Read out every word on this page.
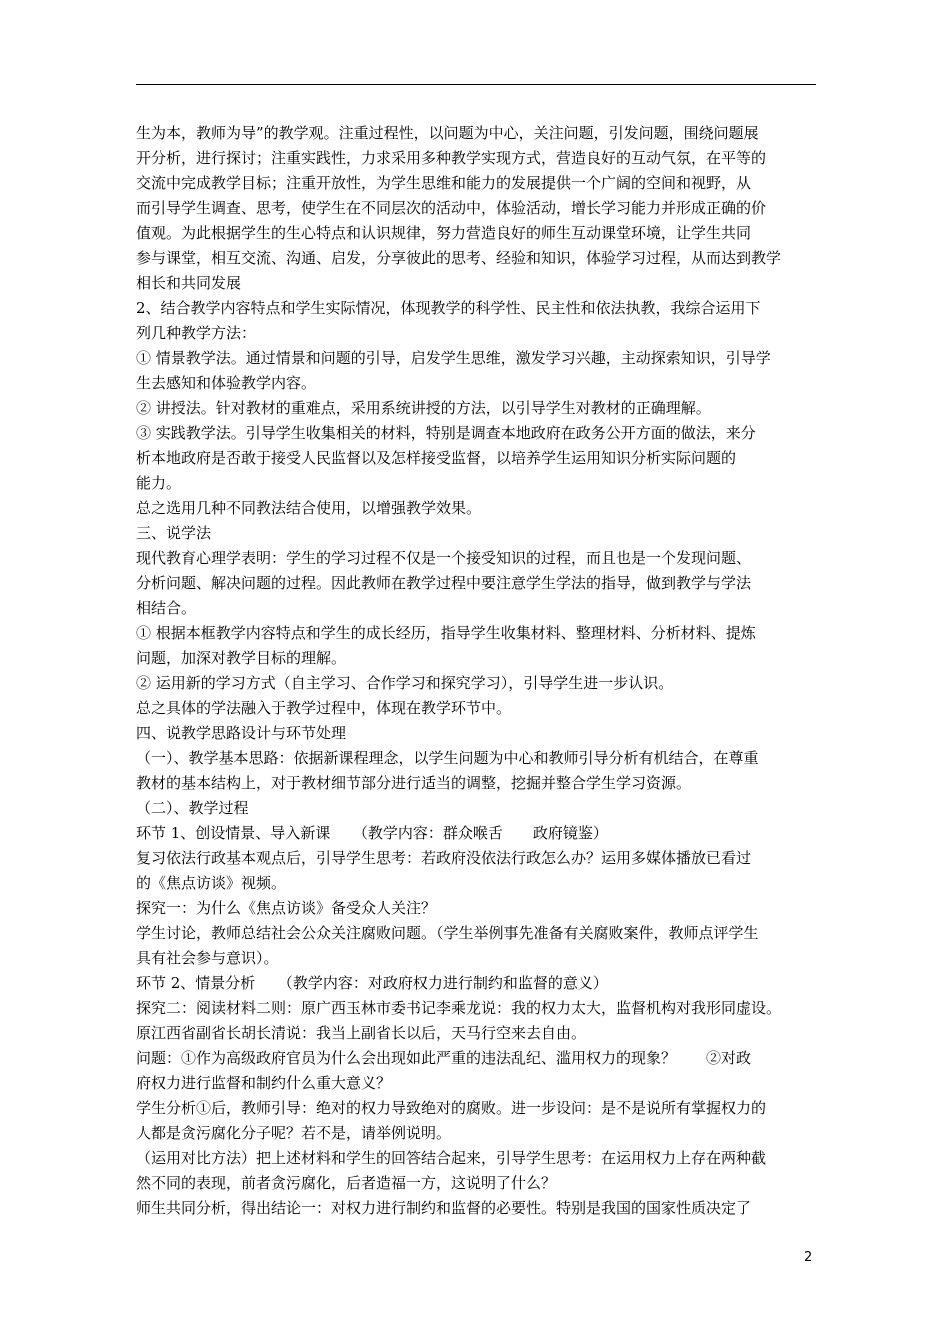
生为本，教师为导”的教学观。注重过程性，以问题为中心，关注问题，引发问题，围绕问题展
开分析，进行探讨；注重实践性，力求采用多种教学实现方式，营造良好的互动气氛，在平等的
交流中完成教学目标；注重开放性，为学生思维和能力的发展提供一个广阔的空间和视野，从
而引导学生调查、思考，使学生在不同层次的活动中，体验活动，增长学习能力并形成正确的价
值观。为此根据学生的生心特点和认识规律，努力营造良好的师生互动课堂环境，让学生共同
参与课堂，相互交流、沟通、启发，分享彼此的思考、经验和知识，体验学习过程，从而达到教学
相长和共同发展
2、结合教学内容特点和学生实际情况，体现教学的科学性、民主性和依法执教，我综合运用下
列几种教学方法：
① 情景教学法。通过情景和问题的引导，启发学生思维，激发学习兴趣，主动探索知识，引导学
生去感知和体验教学内容。
② 讲授法。针对教材的重难点，采用系统讲授的方法，以引导学生对教材的正确理解。
③ 实践教学法。引导学生收集相关的材料，特别是调查本地政府在政务公开方面的做法，来分
析本地政府是否敢于接受人民监督以及怎样接受监督，以培养学生运用知识分析实际问题的
能力。
总之选用几种不同教法结合使用，以增强教学效果。
三、说学法
现代教育心理学表明：学生的学习过程不仅是一个接受知识的过程，而且也是一个发现问题、
分析问题、解决问题的过程。因此教师在教学过程中要注意学生学法的指导，做到教学与学法
相结合。
① 根据本框教学内容特点和学生的成长经历，指导学生收集材料、整理材料、分析材料、提炼
问题，加深对教学目标的理解。
② 运用新的学习方式（自主学习、合作学习和探究学习），引导学生进一步认识。
总之具体的学法融入于教学过程中，体现在教学环节中。
四、说教学思路设计与环节处理
（一）、教学基本思路：依据新课程理念，以学生问题为中心和教师引导分析有机结合，在尊重
教材的基本结构上，对于教材细节部分进行适当的调整，挖掘并整合学生学习资源。
（二）、教学过程
环节 1、创设情景、导入新课　　（教学内容：群众喉舌　　政府镜鉴）
复习依法行政基本观点后，引导学生思考：若政府没依法行政怎么办？运用多媒体播放已看过
的《焦点访谈》视频。
探究一：为什么《焦点访谈》备受众人关注？
学生讨论，教师总结社会公众关注腐败问题。（学生举例事先准备有关腐败案件，教师点评学生
具有社会参与意识）。
环节 2、情景分析　　（教学内容：对政府权力进行制约和监督的意义）
探究二：阅读材料二则：原广西玉林市委书记李乘龙说：我的权力太大，监督机构对我形同虚设。
原江西省副省长胡长清说：我当上副省长以后，天马行空来去自由。
问题：①作为高级政府官员为什么会出现如此严重的违法乱纪、滥用权力的现象？　　②对政
府权力进行监督和制约什么重大意义？
学生分析①后，教师引导：绝对的权力导致绝对的腐败。进一步设问：是不是说所有掌握权力的
人都是贪污腐化分子呢？若不是，请举例说明。
（运用对比方法）把上述材料和学生的回答结合起来，引导学生思考：在运用权力上存在两种截
然不同的表现，前者贪污腐化，后者造福一方，这说明了什么？
师生共同分析，得出结论一：对权力进行制约和监督的必要性。特别是我国的国家性质决定了
2
